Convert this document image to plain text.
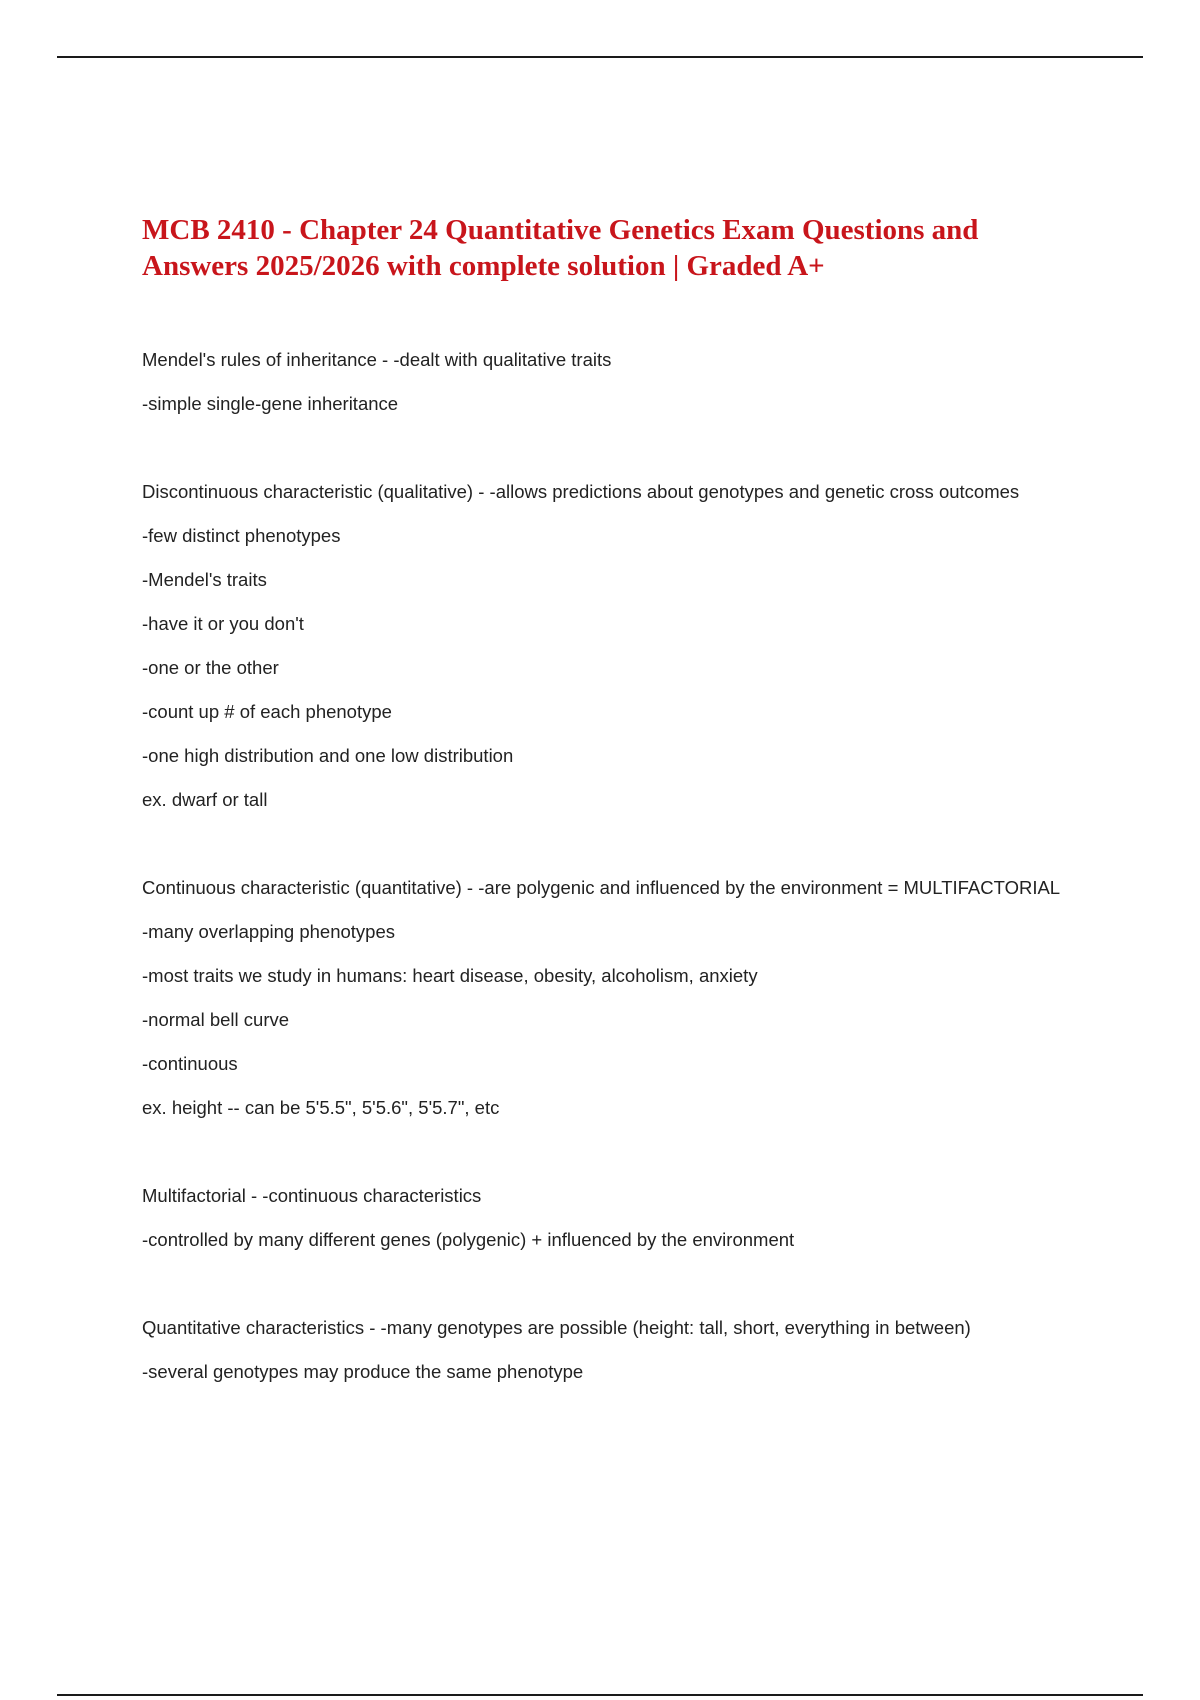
MCB 2410 - Chapter 24 Quantitative Genetics Exam Questions and Answers 2025/2026 with complete solution | Graded A+

Mendel's rules of inheritance - -dealt with qualitative traits

-simple single-gene inheritance

Discontinuous characteristic (qualitative) - -allows predictions about genotypes and genetic cross outcomes

-few distinct phenotypes

-Mendel's traits

-have it or you don't

-one or the other

-count up # of each phenotype

-one high distribution and one low distribution

ex. dwarf or tall

Continuous characteristic (quantitative) - -are polygenic and influenced by the environment = MULTIFACTORIAL

-many overlapping phenotypes

-most traits we study in humans: heart disease, obesity, alcoholism, anxiety

-normal bell curve

-continuous

ex. height -- can be 5'5.5", 5'5.6", 5'5.7", etc

Multifactorial - -continuous characteristics

-controlled by many different genes (polygenic) + influenced by the environment

Quantitative characteristics - -many genotypes are possible (height: tall, short, everything in between)

-several genotypes may produce the same phenotype
